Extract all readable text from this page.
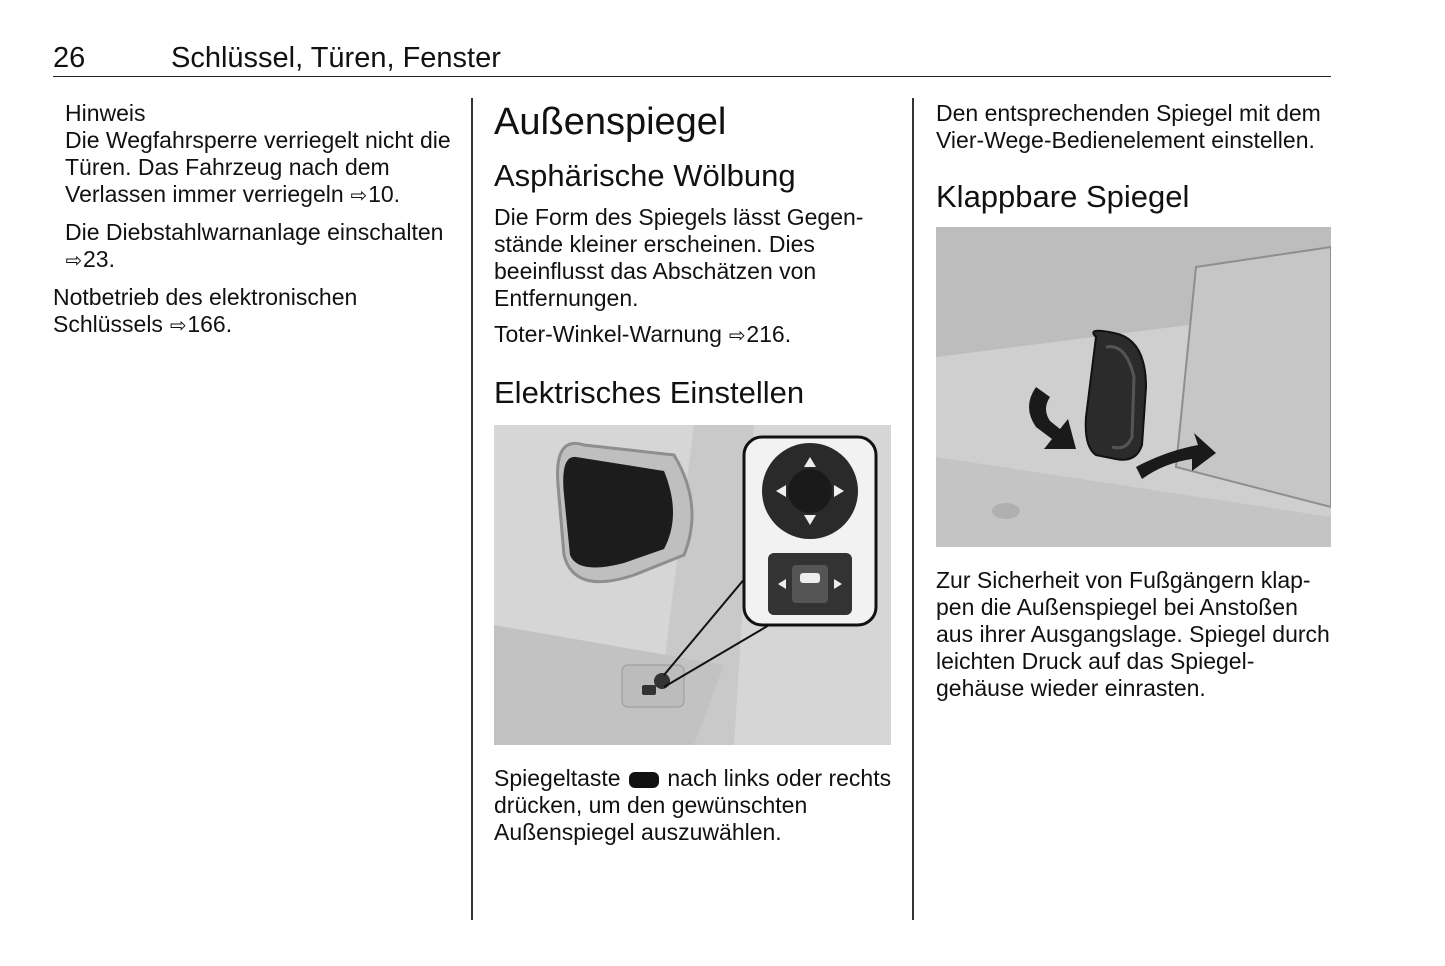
26	Schlüssel, Türen, Fenster

Hinweis

Die Wegfahrsperre verriegelt nicht die Türen. Das Fahrzeug nach dem Verlassen immer verriegeln ⇨10.

Die Diebstahlwarnanlage einschalten ⇨23.

Notbetrieb des elektronischen Schlüssels ⇨166.

Außenspiegel
Asphärische Wölbung

Die Form des Spiegels lässt Gegenstände kleiner erscheinen. Dies beeinflusst das Abschätzen von Entfernungen.

Toter-Winkel-Warnung ⇨216.

Elektrisches Einstellen

Spiegeltaste nach links oder rechts drücken, um den gewünschten Außenspiegel auszuwählen.

Den entsprechenden Spiegel mit dem Vier-Wege-Bedienelement einstellen.

Klappbare Spiegel

Zur Sicherheit von Fußgängern klappen die Außenspiegel bei Anstoßen aus ihrer Ausgangslage. Spiegel durch leichten Druck auf das Spiegelgehäuse wieder einrasten.
